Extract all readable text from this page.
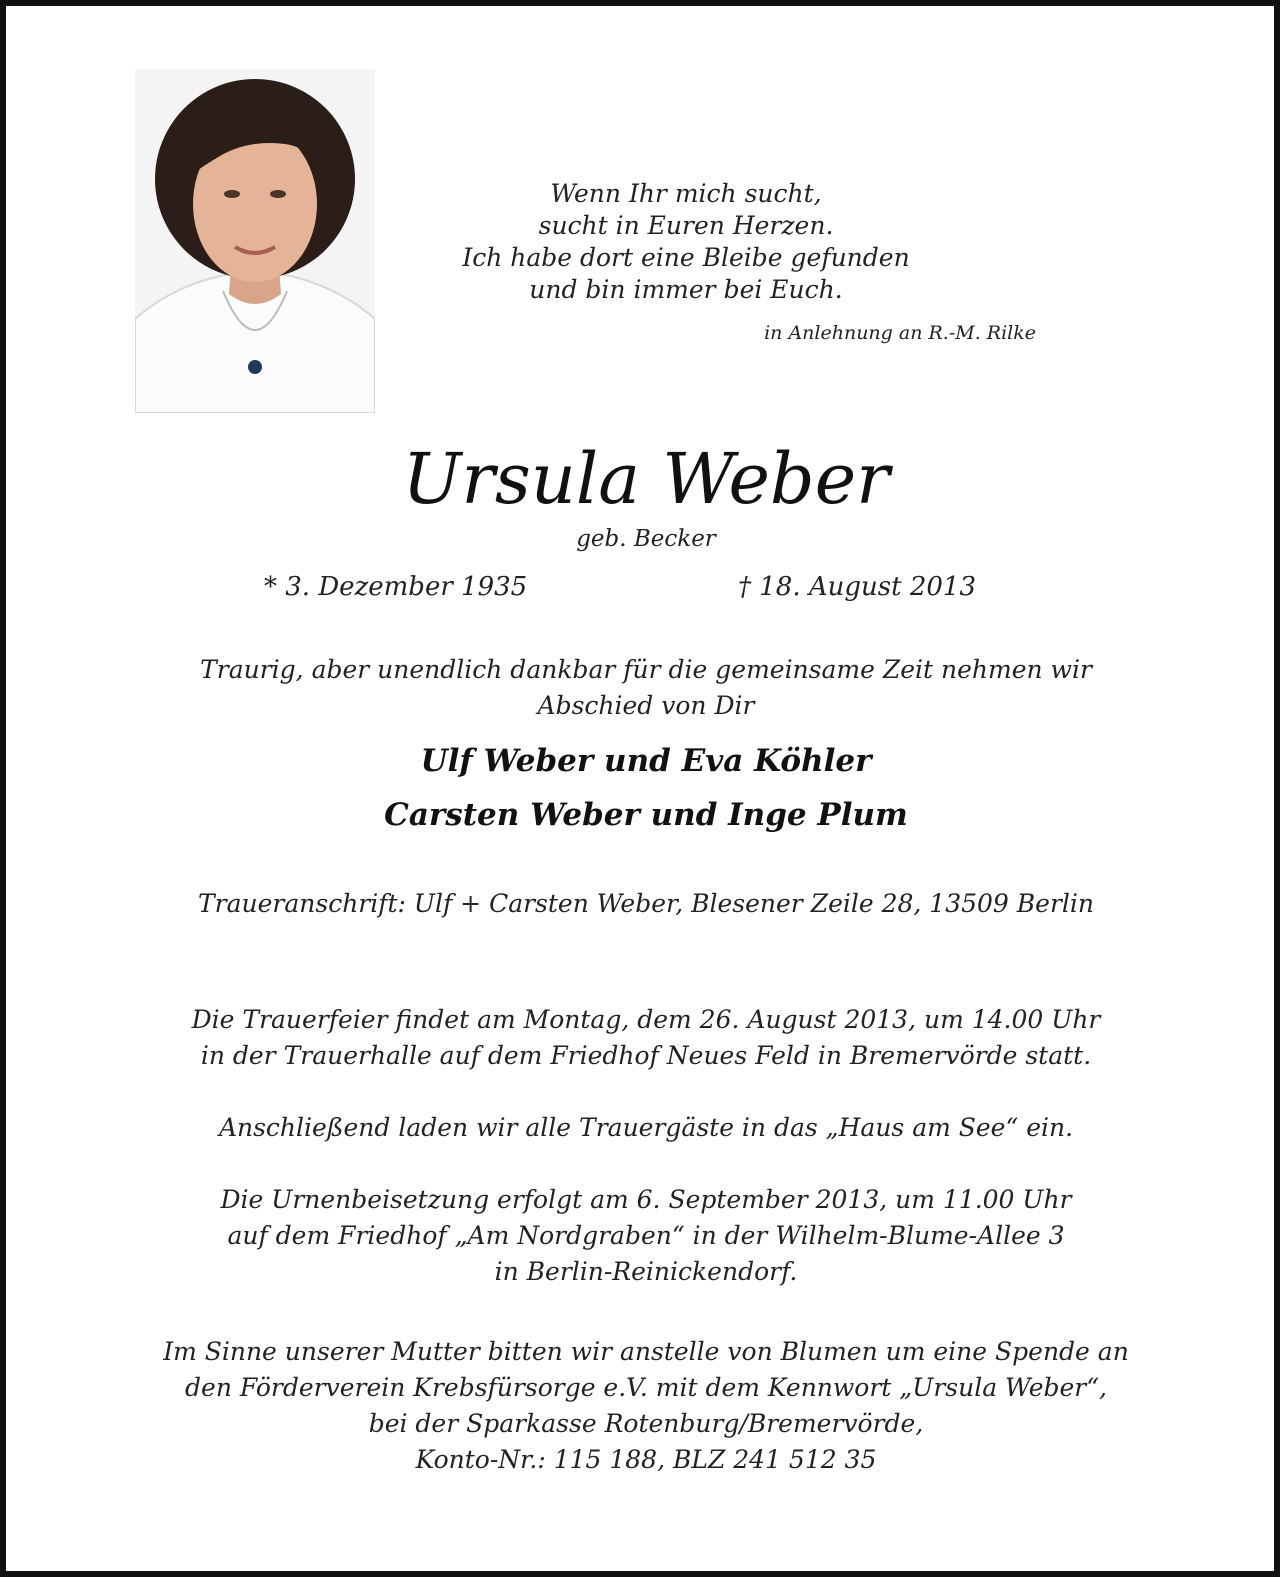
Wenn Ihr mich sucht,
sucht in Euren Herzen.
Ich habe dort eine Bleibe gefunden
und bin immer bei Euch.
in Anlehnung an R.-M. Rilke
Ursula Weber
geb. Becker
* 3. Dezember 1935	† 18. August 2013
Traurig, aber unendlich dankbar für die gemeinsame Zeit nehmen wir
Abschied von Dir
Ulf Weber und Eva Köhler
Carsten Weber und Inge Plum
Traueranschrift: Ulf + Carsten Weber, Blesener Zeile 28, 13509 Berlin
Die Trauerfeier findet am Montag, dem 26. August 2013, um 14.00 Uhr
in der Trauerhalle auf dem Friedhof Neues Feld in Bremervörde statt.
Anschließend laden wir alle Trauergäste in das „Haus am See“ ein.
Die Urnenbeisetzung erfolgt am 6. September 2013, um 11.00 Uhr
auf dem Friedhof „Am Nordgraben“ in der Wilhelm-Blume-Allee 3
in Berlin-Reinickendorf.
Im Sinne unserer Mutter bitten wir anstelle von Blumen um eine Spende an
den Förderverein Krebsfürsorge e.V. mit dem Kennwort „Ursula Weber“,
bei der Sparkasse Rotenburg/Bremervörde,
Konto-Nr.: 115 188, BLZ 241 512 35
